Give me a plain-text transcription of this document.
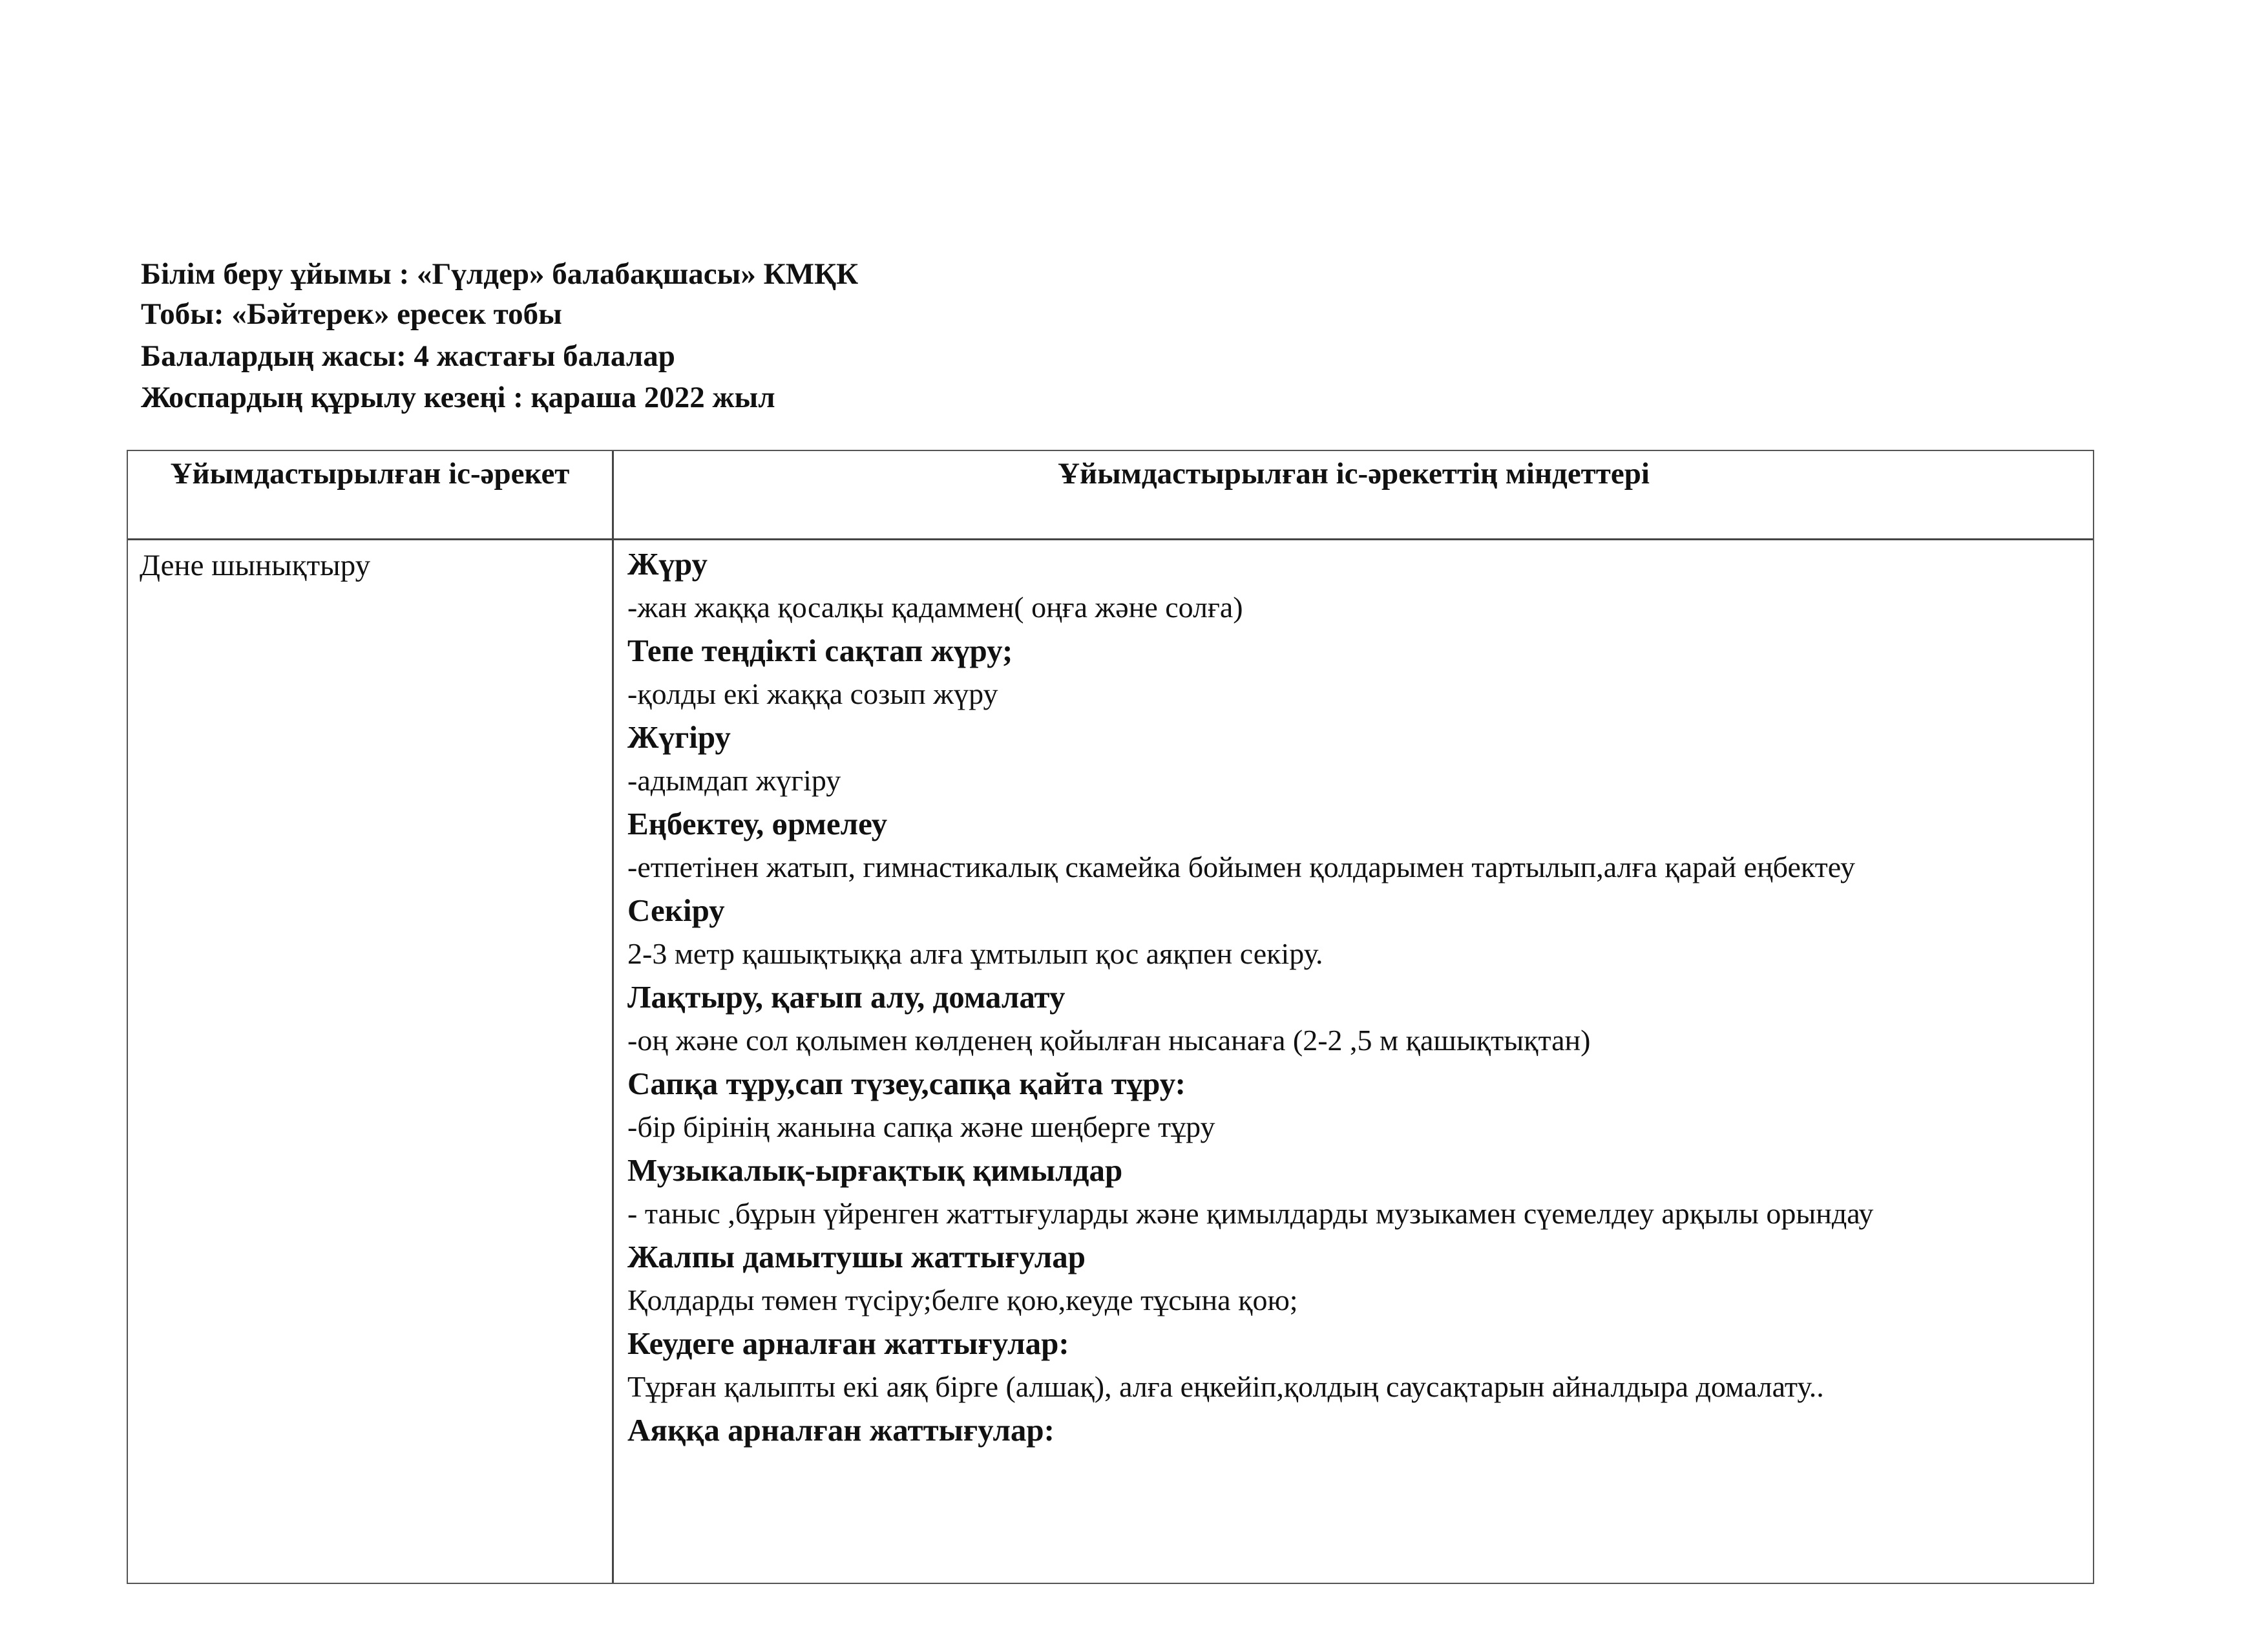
Білім беру ұйымы : «Гүлдер» балабақшасы» КМҚК
Тобы: «Бәйтерек» ересек тобы
Балалардың жасы: 4 жастағы балалар
Жоспардың құрылу кезеңі : қараша 2022 жыл
Ұйымдастырылған іс-әрекет	Ұйымдастырылған іс-әрекеттің міндеттері
Дене шынықтыру	Жүру
-жан жаққа қосалқы қадаммен( оңға және солға)
Тепе теңдікті сақтап жүру;
-қолды екі жаққа созып жүру
Жүгіру
-адымдап жүгіру
Еңбектеу, өрмелеу
-етпетінен жатып, гимнастикалық скамейка бойымен қолдарымен тартылып,алға қарай еңбектеу
Секіру
2-3 метр қашықтыққа алға ұмтылып қос аяқпен секіру.
Лақтыру, қағып алу, домалату
-оң және сол қолымен көлденең қойылған нысанаға (2-2 ,5 м қашықтықтан)
Сапқа тұру,сап түзеу,сапқа қайта тұру:
-бір бірінің жанына сапқа және шеңберге тұру
Музыкалық-ырғақтық қимылдар
- таныс ,бұрын үйренген жаттығуларды және қимылдарды музыкамен сүемелдеу арқылы орындау
Жалпы дамытушы жаттығулар
Қолдарды төмен түсіру;белге қою,кеуде тұсына қою;
Кеудеге арналған жаттығулар:
Тұрған қалыпты екі аяқ бірге (алшақ), алға еңкейіп,қолдың саусақтарын айналдыра домалату..
Аяққа арналған жаттығулар:
